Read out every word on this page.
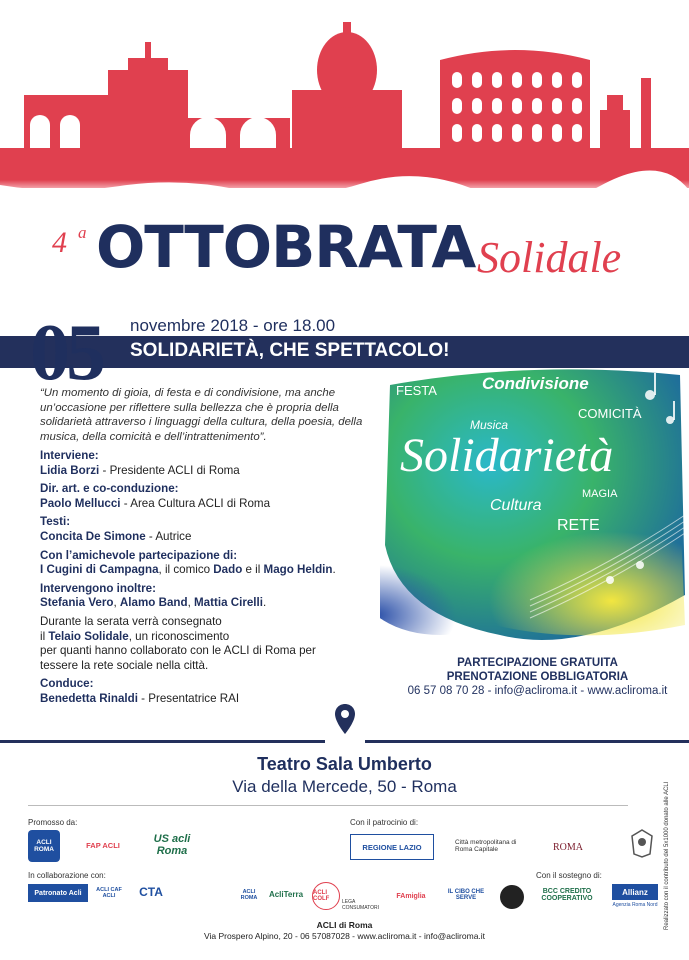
4 a OTTOBRATA Solidale
05 novembre 2018 - ore 18.00
SOLIDARIETÀ, CHE SPETTACOLO!
“Un momento di gioia, di festa e di condivisione, ma anche un’occasione per riflettere sulla bellezza che è propria della solidarietà attraverso i linguaggi della cultura, della poesia, della musica, della comicità e dell’intrattenimento”.
Interviene:
Lidia Borzi - Presidente ACLI di Roma
Dir. art. e co-conduzione:
Paolo Mellucci - Area Cultura ACLI di Roma
Testi:
Concita De Simone - Autrice
Con l’amichevole partecipazione di:
I Cugini di Campagna, il comico Dado e il Mago Heldin.
Intervengono inoltre:
Stefania Vero, Alamo Band, Mattia Cirelli.
Durante la serata verrà consegnato
il Telaio Solidale, un riconoscimento
per quanti hanno collaborato con le ACLI di Roma per
tessere la rete sociale nella città.
Conduce:
Benedetta Rinaldi - Presentatrice RAI
FESTA	Condivisione
Musica
COMICITÀ
Solidarietà
MAGIA
Cultura
RETE
PARTECIPAZIONE GRATUITA
PRENOTAZIONE OBBLIGATORIA
06 57 08 70 28 - info@acliroma.it - www.acliroma.it
Teatro Sala Umberto
Via della Mercede, 50 - Roma
Promosso da:
ACLI ROMA	FAP ACLI	US acli Roma
Con il patrocinio di:
REGIONE LAZIO	Città metropolitana di Roma Capitale	ROMA
In collaborazione con:
Patronato Acli	ACLI CAF ACLI	CTA	ACLI ROMA	AcliTerra	ACLI COLF	LEGA CONSUMATORI
FAmiglia
IL CIBO CHE SERVE
Con il sostegno di:
BCC CREDITO COOPERATIVO
Allianz
Agenzia Roma Nord Realizzato con il contributo del 5x1000 donato alle ACLI
ACLI di Roma
Via Prospero Alpino, 20 - 06 57087028 - www.acliroma.it - info@acliroma.it
